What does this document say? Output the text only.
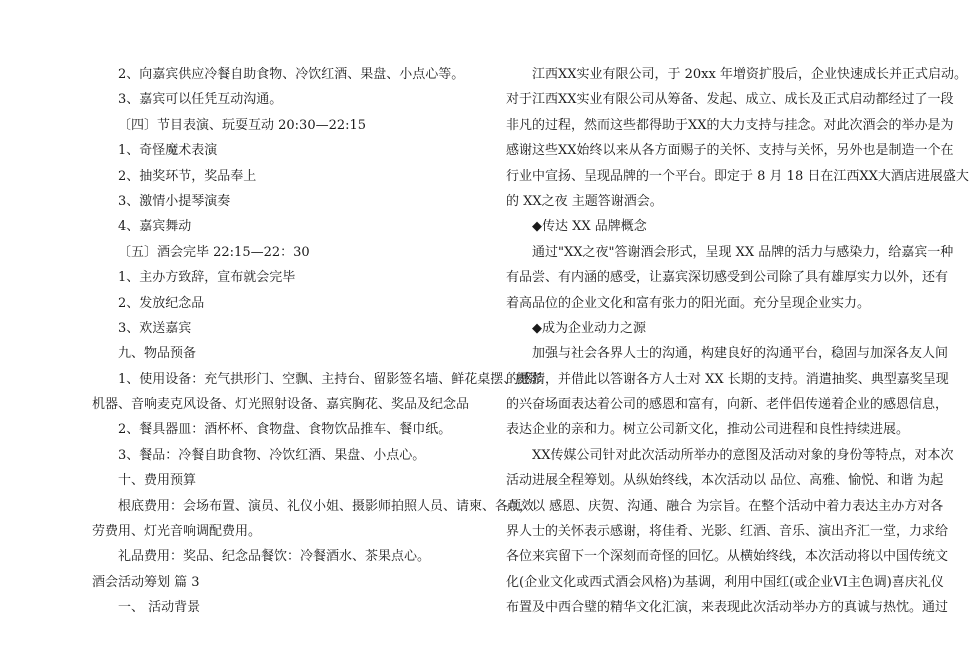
2、向嘉宾供应冷餐自助食物、冷饮红酒、果盘、小点心等。
3、嘉宾可以任凭互动沟通。
〔四〕节目表演、玩耍互动 20:30—22:15
1、奇怪魔术表演
2、抽奖环节，奖品奉上
3、激情小提琴演奏
4、嘉宾舞动
〔五〕酒会完毕 22:15—22：30
1、主办方致辞，宣布就会完毕
2、发放纪念品
3、欢送嘉宾
九、物品预备
1、使用设备：充气拱形门、空飘、主持台、留影签名墙、鲜花桌摆、摄影
机器、音响麦克风设备、灯光照射设备、嘉宾胸花、奖品及纪念品
2、餐具器皿：酒杯杯、食物盘、食物饮品推车、餐巾纸。
3、餐品：冷餐自助食物、冷饮红酒、果盘、小点心。
十、费用预算
根底费用：会场布置、演员、礼仪小姐、摄影师拍照人员、请柬、各项效
劳费用、灯光音响调配费用。
礼品费用：奖品、纪念品餐饮：冷餐酒水、茶果点心。
酒会活动筹划 篇 3
一、 活动背景
江西XX实业有限公司，于 20xx 年增资扩股后，企业快速成长并正式启动。
对于江西XX实业有限公司从筹备、发起、成立、成长及正式启动都经过了一段
非凡的过程，然而这些都得助于XX的大力支持与挂念。对此次酒会的举办是为
感谢这些XX始终以来从各方面赐子的关怀、支持与关怀，另外也是制造一个在
行业中宣扬、呈现品牌的一个平台。即定于 8 月 18 日在江西XX大酒店进展盛大
的 XX之夜 主题答谢酒会。
◆传达 XX 品牌概念
通过"XX之夜"答谢酒会形式，呈现 XX 品牌的活力与感染力，给嘉宾一种
有品尝、有内涵的感受，让嘉宾深切感受到公司除了具有雄厚实力以外，还有
着高品位的企业文化和富有张力的阳光面。充分呈现企业实力。
◆成为企业动力之源
加强与社会各界人士的沟通，构建良好的沟通平台，稳固与加深各友人间
的感情，并借此以答谢各方人士对 XX 长期的支持。消遣抽奖、典型嘉奖呈现
的兴奋场面表达着公司的感恩和富有，向新、老伴侣传递着企业的感恩信息，
表达企业的亲和力。树立公司新文化，推动公司进程和良性持续进展。
XX传媒公司针对此次活动所举办的意图及活动对象的身份等特点，对本次
活动进展全程筹划。从纵始终线，本次活动以 品位、高雅、愉悦、和谐 为起
点，以 感恩、庆贺、沟通、融合 为宗旨。在整个活动中着力表达主办方对各
界人士的关怀表示感谢，将佳肴、光影、红酒、音乐、演出齐汇一堂，力求给
各位来宾留下一个深刻而奇怪的回忆。从横始终线，本次活动将以中国传统文
化(企业文化或西式酒会风格)为基调，利用中国红(或企业VI主色调)喜庆礼仪
布置及中西合璧的精华文化汇演，来表现此次活动举办方的真诚与热忱。通过
